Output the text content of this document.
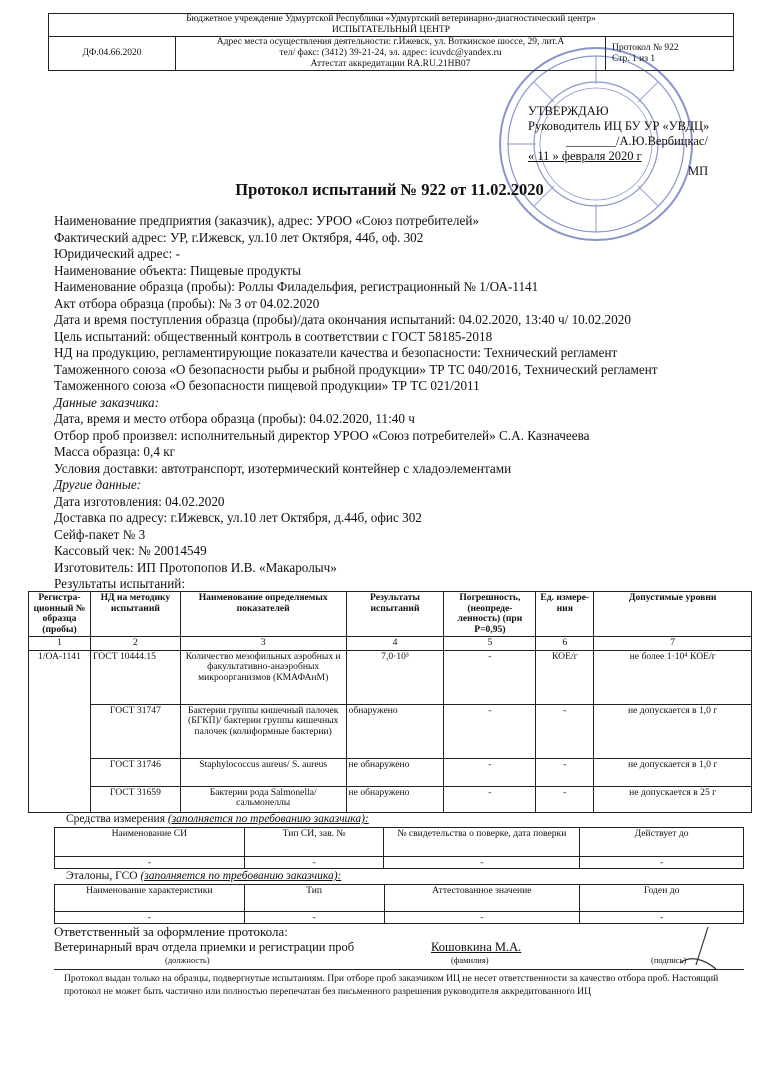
Бюджетное учреждение Удмуртской Республики «Удмуртский ветеринарно-диагностический центр»
ИСПЫТАТЕЛЬНЫЙ ЦЕНТР

ДФ.04.66.2020	
Адрес места осуществления деятельности: г.Ижевск, ул. Воткинское шоссе, 29, лит.А
тел/ факс: (3412) 39-21-24, эл. адрес: icuvdc@yandex.ru
Аттестат аккредитации RA.RU.21НВ07

Протокол № 922
Стр. 1 из 1
УТВЕРЖДАЮ
Руководитель ИЦ БУ УР «УВДЦ»
________/А.Ю.Вербицкас/
« 11 » февраля 2020 г
МП
Протокол испытаний № 922 от 11.02.2020
Наименование предприятия (заказчик), адрес: УРОО «Союз потребителей»
Фактический адрес: УР, г.Ижевск, ул.10 лет Октября, 44б, оф. 302
Юридический адрес: -
Наименование объекта: Пищевые продукты
Наименование образца (пробы): Роллы Филадельфия, регистрационный № 1/ОА-1141
Акт отбора образца (пробы): № 3 от 04.02.2020
Дата и время поступления образца (пробы)/дата окончания испытаний: 04.02.2020, 13:40 ч/ 10.02.2020
Цель испытаний: общественный контроль в соответствии с ГОСТ 58185-2018
НД на продукцию, регламентирующие показатели качества и безопасности: Технический регламент
Таможенного союза «О безопасности рыбы и рыбной продукции» ТР ТС 040/2016, Технический регламент
Таможенного союза «О безопасности пищевой продукции» ТР ТС 021/2011
Данные заказчика:
Дата, время и место отбора образца (пробы): 04.02.2020, 11:40 ч
Отбор проб произвел: исполнительный директор УРОО «Союз потребителей» С.А. Казначеева
Масса образца: 0,4 кг
Условия доставки: автотранспорт, изотермический контейнер с хладоэлементами
Другие данные:
Дата изготовления: 04.02.2020
Доставка по адресу: г.Ижевск, ул.10 лет Октября, д.44б, офис 302
Сейф-пакет № 3
Кассовый чек: № 20014549
Изготовитель: ИП Протопопов И.В. «Макаролыч»
Результаты испытаний:
Регистра-ционный № образца (пробы)	НД на методику испытаний	Наименование определяемых показателей	Результаты испытаний	Погрешность, (неопреде-ленность) (при Р=0,95)	Ед. измере-ния	Допустимые уровни
1	2	3	4	5	6	7
1/ОА-1141	ГОСТ 10444.15	Количество мезофильных аэробных и факультативно-анаэробных микроорганизмов (КМАФАнМ)	7,0·10³	-	КОЕ/г	не более 1·10⁴ КОЕ/г
	ГОСТ 31747	Бактерии группы кишечный палочек (БГКП)/ бактерии группы кишечных палочек (колиформные бактерии)	обнаружено	-	-	не допускается в 1,0 г
	ГОСТ 31746	Staphylococcus aureus/ S. aureus	не обнаружено	-	-	не допускается в 1,0 г
	ГОСТ 31659	Бактерии рода Salmonella/сальмонеллы	не обнаружено	-	-	не допускается в 25 г
Средства измерения (заполняется по требованию заказчика):
Наименование СИ	Тип СИ, зав. №	№ свидетельства о поверке, дата поверки	Действует до
-	-	-	-
Эталоны, ГСО (заполняется по требованию заказчика):
Наименование характеристики	Тип	Аттестованное значение	Годен до
-	-	-	-
Ответственный за оформление протокола:
Ветеринарный врач отдела приемки и регистрации проб	Кошовкина М.А.
(должность)	(фамилия)	(подпись)
Протокол выдан только на образцы, подвергнутые испытаниям. При отборе проб заказчиком ИЦ не несет ответственности за качество отбора проб. Настоящий протокол не может быть частично или полностью перепечатан без письменного разрешения руководителя аккредитованного ИЦ
